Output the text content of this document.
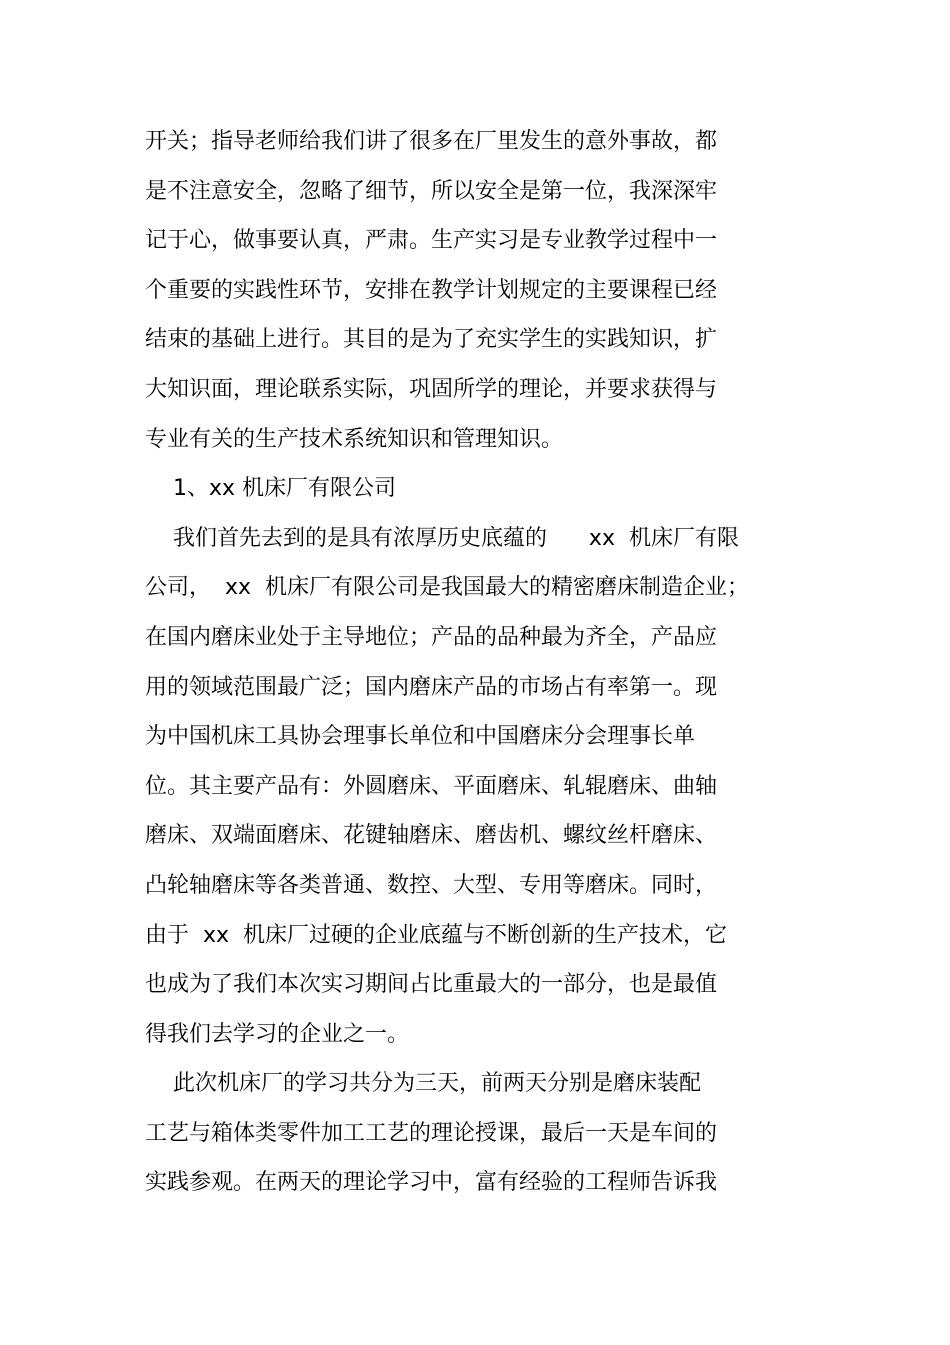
开关；指导老师给我们讲了很多在厂里发生的意外事故，都
是不注意安全，忽略了细节，所以安全是第一位，我深深牢
记于心，做事要认真，严肃。生产实习是专业教学过程中一
个重要的实践性环节，安排在教学计划规定的主要课程已经
结束的基础上进行。其目的是为了充实学生的实践知识，扩
大知识面，理论联系实际，巩固所学的理论，并要求获得与
专业有关的生产技术系统知识和管理知识。
1、xx 机床厂有限公司
我们首先去到的是具有浓厚历史底蕴的      xx  机床厂有限
公司，  xx  机床厂有限公司是我国最大的精密磨床制造企业；
在国内磨床业处于主导地位；产品的品种最为齐全，产品应
用的领域范围最广泛；国内磨床产品的市场占有率第一。现
为中国机床工具协会理事长单位和中国磨床分会理事长单
位。其主要产品有：外圆磨床、平面磨床、轧辊磨床、曲轴
磨床、双端面磨床、花键轴磨床、磨齿机、螺纹丝杆磨床、
凸轮轴磨床等各类普通、数控、大型、专用等磨床。同时，
由于  xx  机床厂过硬的企业底蕴与不断创新的生产技术，它
也成为了我们本次实习期间占比重最大的一部分，也是最值
得我们去学习的企业之一。
此次机床厂的学习共分为三天，前两天分别是磨床装配
工艺与箱体类零件加工工艺的理论授课，最后一天是车间的
实践参观。在两天的理论学习中，富有经验的工程师告诉我
